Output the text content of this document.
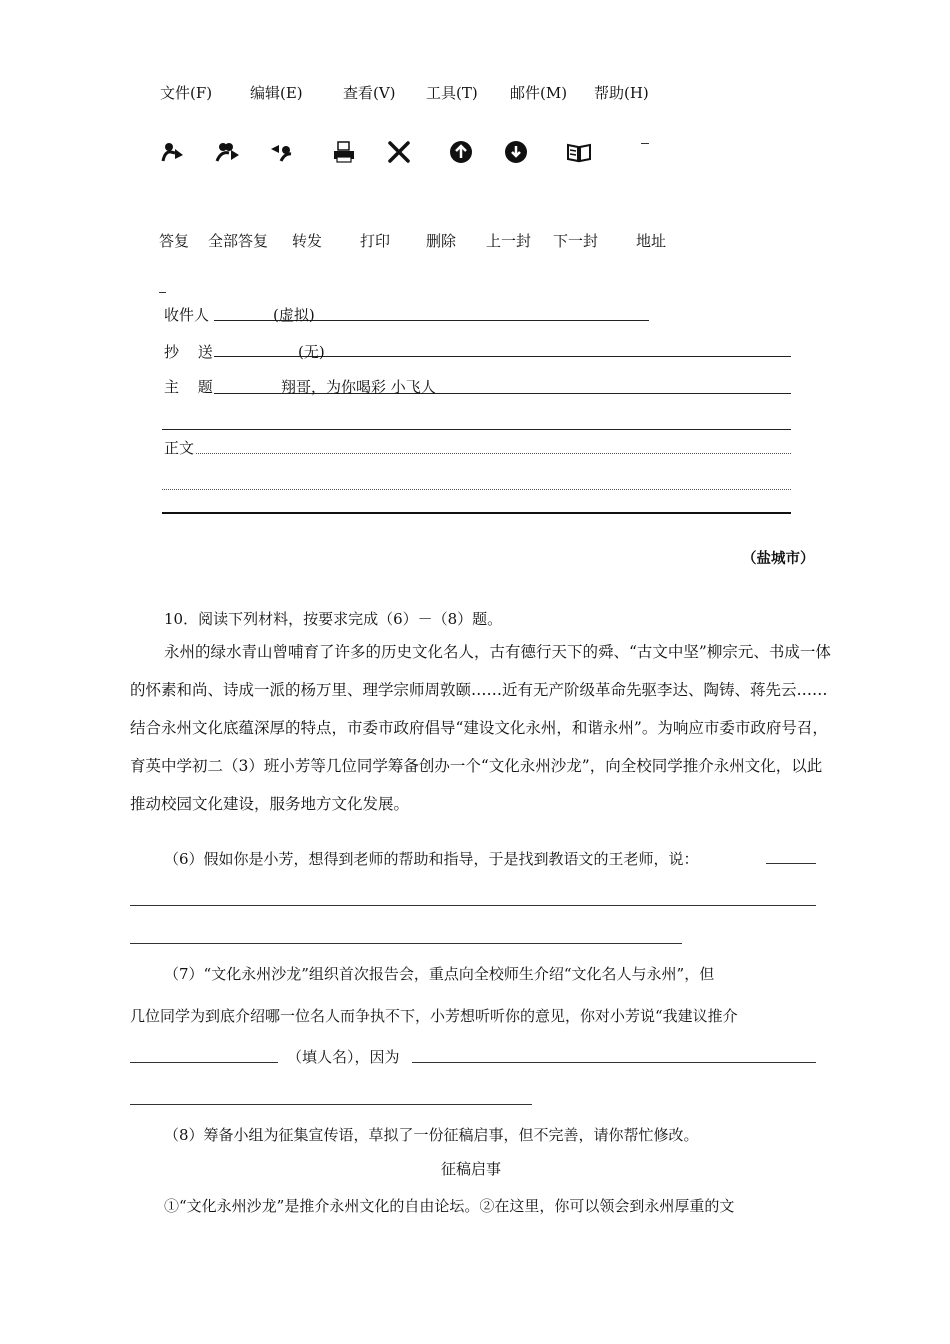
文件(F)	编辑(E)	查看(V) 工具(T) 邮件(M) 帮助(H)
答复 全部答复 转发	打印 删除 上一封 下一封	地址
收件人	(虚拟)
抄 送	(无)
主 题	翔哥，为你喝彩 小飞人
正文
（盐城市）
10．阅读下列材料，按要求完成（6）－（8）题。
永州的绿水青山曾哺育了许多的历史文化名人，古有德行天下的舜、“古文中坚”柳宗元、书成一体的怀素和尚、诗成一派的杨万里、理学宗师周敦颐……近有无产阶级革命先驱李达、陶铸、蒋先云……结合永州文化底蕴深厚的特点，市委市政府倡导“建设文化永州，和谐永州”。为响应市委市政府号召，育英中学初二（3）班小芳等几位同学筹备创办一个“文化永州沙龙”，向全校同学推介永州文化，以此推动校园文化建设，服务地方文化发展。
（6）假如你是小芳，想得到老师的帮助和指导，于是找到教语文的王老师，说：
（7）“文化永州沙龙”组织首次报告会，重点向全校师生介绍“文化名人与永州”，但
几位同学为到底介绍哪一位名人而争执不下，小芳想听听你的意见，你对小芳说“我建议推介
（填人名），因为
（8）筹备小组为征集宣传语，草拟了一份征稿启事，但不完善，请你帮忙修改。
征稿启事
①“文化永州沙龙”是推介永州文化的自由论坛。②在这里，你可以领会到永州厚重的文
